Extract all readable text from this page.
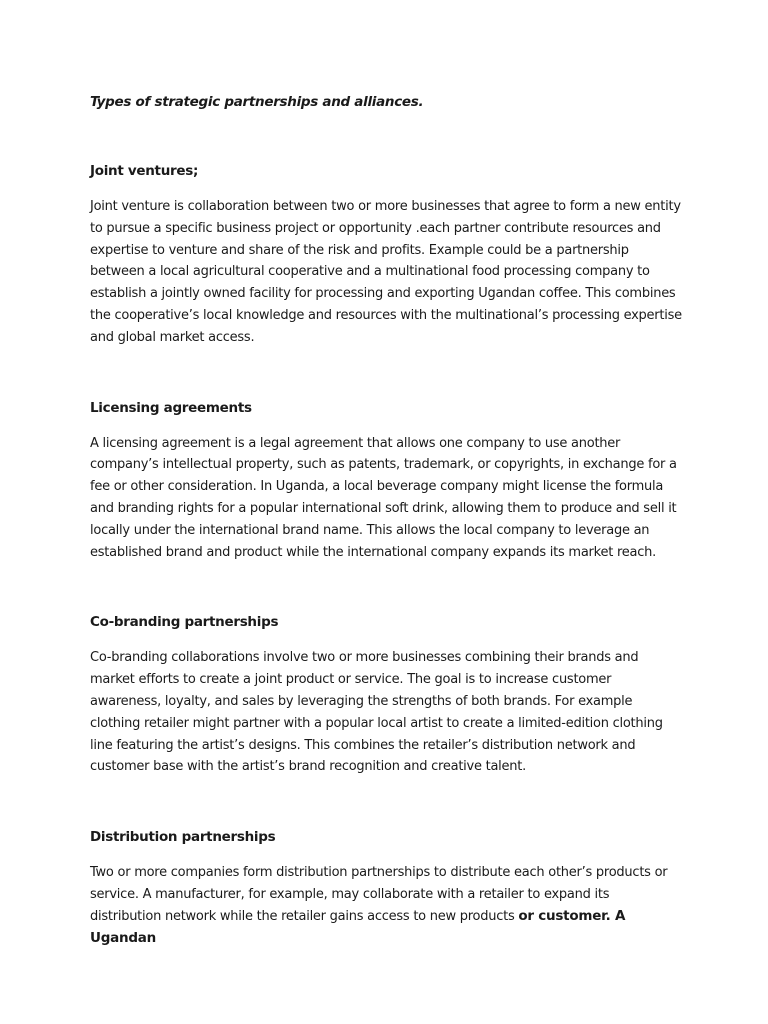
Types of strategic partnerships and alliances.

Joint ventures;

Joint venture is collaboration between two or more businesses that agree to form a new entity to pursue a specific business project or opportunity .each partner contribute resources and expertise to venture and share of the risk and profits. Example could be a partnership between a local agricultural cooperative and a multinational food processing company to establish a jointly owned facility for processing and exporting Ugandan coffee. This combines the cooperative’s local knowledge and resources with the multinational’s processing expertise and global market access.

Licensing agreements

A licensing agreement is a legal agreement that allows one company to use another company’s intellectual property, such as patents, trademark, or copyrights, in exchange for a fee or other consideration. In Uganda, a local beverage company might license the formula and branding rights for a popular international soft drink, allowing them to produce and sell it locally under the international brand name. This allows the local company to leverage an established brand and product while the international company expands its market reach.

Co-branding partnerships

Co-branding collaborations involve two or more businesses combining their brands and market efforts to create a joint product or service. The goal is to increase customer awareness, loyalty, and sales by leveraging the strengths of both brands. For example clothing retailer might partner with a popular local artist to create a limited-edition clothing line featuring the artist’s designs. This combines the retailer’s distribution network and customer base with the artist’s brand recognition and creative talent.

Distribution partnerships

Two or more companies form distribution partnerships to distribute each other’s products or service. A manufacturer, for example, may collaborate with a retailer to expand its distribution network while the retailer gains access to new products or customer. A Ugandan
